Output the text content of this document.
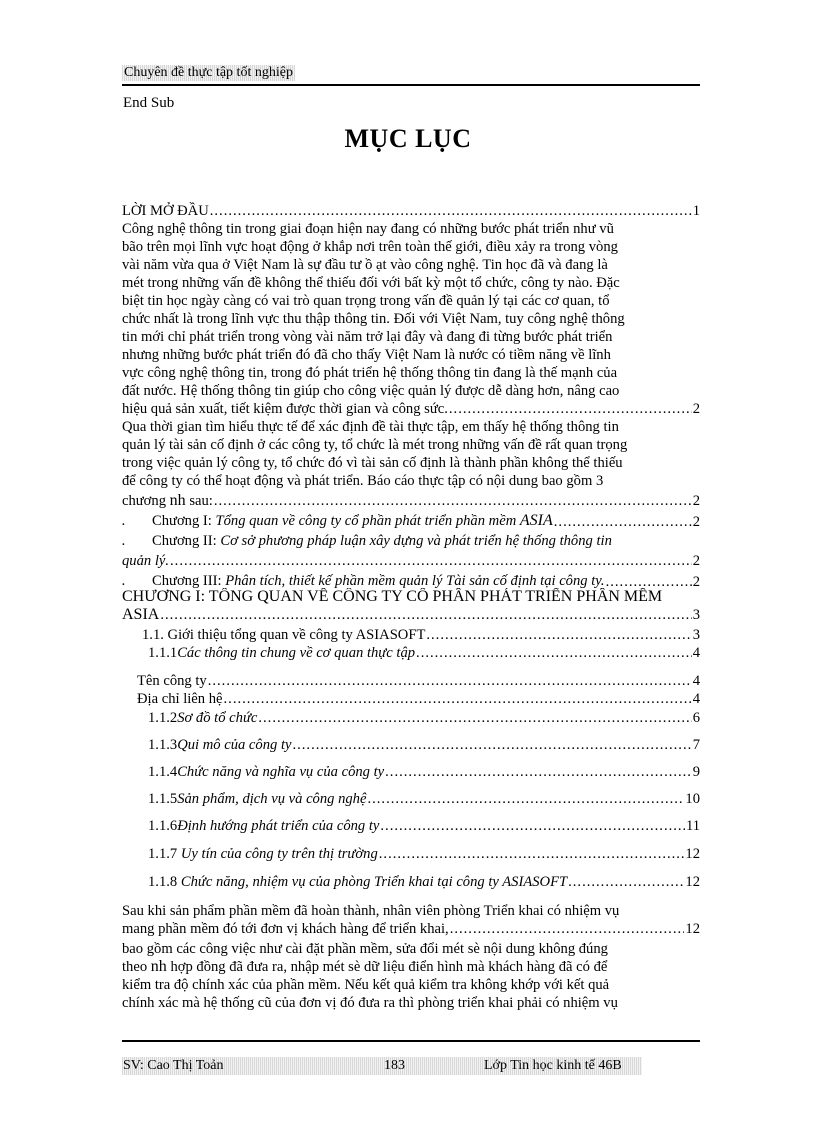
Chuyên đề thực tập tốt nghiệp
End Sub
MỤC LỤC
LỜI MỞ ĐẦU .....	1
Công nghệ thông tin trong giai đoạn hiện nay đang có những bước phát triển như vũ
bão trên mọi lĩnh vực hoạt động ở khắp nơi trên toàn thế giới, điều xảy ra trong vòng
vài năm vừa qua ở Việt Nam là sự đầu tư ồ ạt vào công nghệ. Tin học đã và đang là
mét trong những vấn đề không thể thiếu đối với bất kỳ một tổ chức, công ty nào. Đặc
biệt tin học ngày càng có vai trò quan trọng trong vấn đề quản lý tại các cơ quan, tổ
chức nhất là trong lĩnh vực thu thập thông tin. Đối với Việt Nam, tuy công nghệ thông
tin mới chỉ phát triển trong vòng vài năm trở lại đây và đang đi từng bước phát triển
nhưng những bước phát triển đó đã cho thấy Việt Nam là nước có tiềm năng về lĩnh
vực công nghệ thông tin, trong đó phát triển hệ thống thông tin đang là thế mạnh của
đất nước. Hệ thống thông tin giúp cho công việc quản lý được dễ dàng hơn, nâng cao
hiệu quả sản xuất, tiết kiệm được thời gian và công sức. .....	2
Qua thời gian tìm hiểu thực tế để xác định đề tài thực tập, em thấy hệ thống thông tin
quản lý tài sản cố định ở các công ty, tổ chức là mét trong những vấn đề rất quan trọng
trong việc quản lý công ty, tổ chức đó vì tài sản cố định là thành phần không thể thiếu
để công ty có thể hoạt động và phát triển. Báo cáo thực tập có nội dung bao gồm 3
chương nh sau: .....	2
. Chương I: Tổng quan về công ty cổ phần phát triển phần mềm ASIA .....	2
. Chương II: Cơ sở phương pháp luận xây dựng và phát triển hệ thống thông tin
quản lý. .....	2
. Chương III: Phân tích, thiết kế phần mềm quản lý Tài sản cố định tại công ty. .....	2
CHƯƠNG I: TỔNG QUAN VỀ CÔNG TY CỔ PHẦN PHÁT TRIỂN PHẦN MỀM
ASIA .....	3
1.1. Giới thiệu tổng quan về công ty ASIASOFT .....	3
1.1.1Các thông tin chung về cơ quan thực tập .....	4
Tên công ty .....	4
Địa chỉ liên hệ .....	4
1.1.2Sơ đồ tổ chức .....	6
1.1.3Qui mô của công ty .....	7
1.1.4Chức năng và nghĩa vụ của công ty .....	9
1.1.5Sản phẩm, dịch vụ và công nghệ .....	10
1.1.6Định hướng phát triển của công ty .....	11
1.1.7 Uy tín của công ty trên thị trường .....	12
1.1.8 Chức năng, nhiệm vụ của phòng Triển khai tại công ty ASIASOFT .....	12
Sau khi sản phẩm phần mềm đã hoàn thành, nhân viên phòng Triển khai có nhiệm vụ
mang phần mềm đó tới đơn vị khách hàng để triển khai, .....	12
bao gồm các công việc như cài đặt phần mềm, sửa đổi mét sè nội dung không đúng
theo nh hợp đồng đã đưa ra, nhập mét sè dữ liệu điển hình mà khách hàng đã có để
kiểm tra độ chính xác của phần mềm. Nếu kết quả kiểm tra không khớp với kết quả
chính xác mà hệ thống cũ của đơn vị đó đưa ra thì phòng triển khai phải có nhiệm vụ
SV: Cao Thị Toản	183	Lớp Tin học kinh tế 46B
